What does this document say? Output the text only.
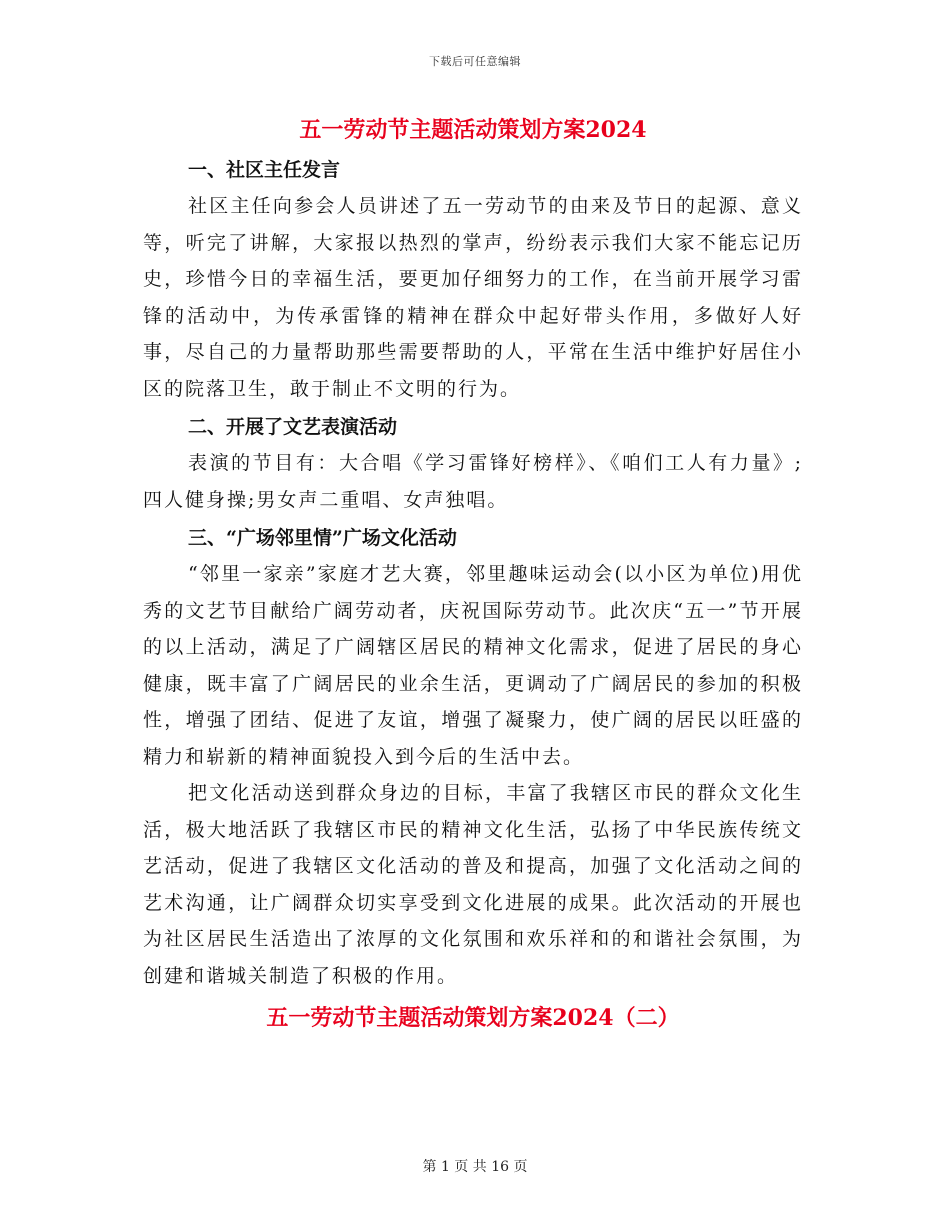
下载后可任意编辑
五一劳动节主题活动策划方案2024
一、社区主任发言

社区主任向参会人员讲述了五一劳动节的由来及节日的起源、意义等，听完了讲解，大家报以热烈的掌声，纷纷表示我们大家不能忘记历史，珍惜今日的幸福生活，要更加仔细努力的工作，在当前开展学习雷锋的活动中，为传承雷锋的精神在群众中起好带头作用，多做好人好事，尽自己的力量帮助那些需要帮助的人，平常在生活中维护好居住小区的院落卫生，敢于制止不文明的行为。

二、开展了文艺表演活动

表演的节目有：大合唱《学习雷锋好榜样》、《咱们工人有力量》;四人健身操;男女声二重唱、女声独唱。

三、“广场邻里情”广场文化活动

“邻里一家亲”家庭才艺大赛，邻里趣味运动会(以小区为单位)用优秀的文艺节目献给广阔劳动者，庆祝国际劳动节。此次庆“五一”节开展的以上活动，满足了广阔辖区居民的精神文化需求，促进了居民的身心健康，既丰富了广阔居民的业余生活，更调动了广阔居民的参加的积极性，增强了团结、促进了友谊，增强了凝聚力，使广阔的居民以旺盛的精力和崭新的精神面貌投入到今后的生活中去。

把文化活动送到群众身边的目标，丰富了我辖区市民的群众文化生活，极大地活跃了我辖区市民的精神文化生活，弘扬了中华民族传统文艺活动，促进了我辖区文化活动的普及和提高，加强了文化活动之间的艺术沟通，让广阔群众切实享受到文化进展的成果。此次活动的开展也为社区居民生活造出了浓厚的文化氛围和欢乐祥和的和谐社会氛围，为创建和谐城关制造了积极的作用。

五一劳动节主题活动策划方案2024（二）
第 1 页 共 16 页
